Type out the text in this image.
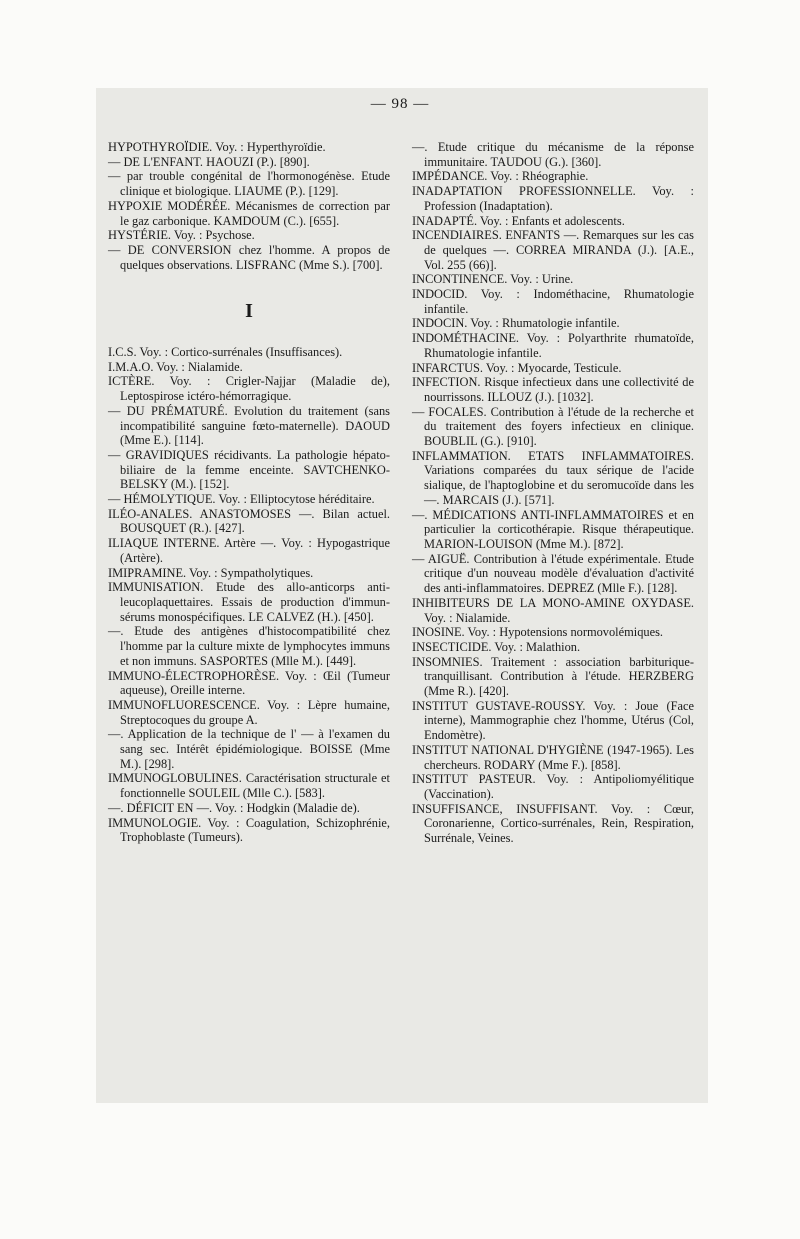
— 98 —

HYPOTHYROÏDIE. Voy. : Hyperthyroïdie.

— DE L'ENFANT. HAOUZI (P.). [890].

— par trouble congénital de l'hormonogénèse. Etude clinique et biologique. LIAUME (P.). [129].

HYPOXIE MODÉRÉE. Mécanismes de correction par le gaz carbonique. KAMDOUM (C.). [655].

HYSTÉRIE. Voy. : Psychose.

— DE CONVERSION chez l'homme. A propos de quelques observations. LISFRANC (Mme S.). [700].

I

I.C.S. Voy. : Cortico-surrénales (Insuffisances).

I.M.A.O. Voy. : Nialamide.

ICTÈRE. Voy. : Crigler-Najjar (Maladie de), Leptospirose ictéro-hémorragique.

— DU PRÉMATURÉ. Evolution du traitement (sans incompatibilité sanguine fœto-maternelle). DAOUD (Mme E.). [114].

— GRAVIDIQUES récidivants. La pathologie hépato-biliaire de la femme enceinte. SAVTCHENKO-BELSKY (M.). [152].

— HÉMOLYTIQUE. Voy. : Elliptocytose héréditaire.

ILÉO-ANALES. ANASTOMOSES —. Bilan actuel. BOUSQUET (R.). [427].

ILIAQUE INTERNE. Artère —. Voy. : Hypogastrique (Artère).

IMIPRAMINE. Voy. : Sympatholytiques.

IMMUNISATION. Etude des allo-anticorps anti-leucoplaquettaires. Essais de production d'immun-sérums monospécifiques. LE CALVEZ (H.). [450].

—. Etude des antigènes d'histocompatibilité chez l'homme par la culture mixte de lymphocytes immuns et non immuns. SASPORTES (Mlle M.). [449].

IMMUNO-ÉLECTROPHORÈSE. Voy. : Œil (Tumeur aqueuse), Oreille interne.

IMMUNOFLUORESCENCE. Voy. : Lèpre humaine, Streptocoques du groupe A.

—. Application de la technique de l' — à l'examen du sang sec. Intérêt épidémiologique. BOISSE (Mme M.). [298].

IMMUNOGLOBULINES. Caractérisation structurale et fonctionnelle SOULEIL (Mlle C.). [583].

—. DÉFICIT EN —. Voy. : Hodgkin (Maladie de).

IMMUNOLOGIE. Voy. : Coagulation, Schizophrénie, Trophoblaste (Tumeurs).

—. Etude critique du mécanisme de la réponse immunitaire. TAUDOU (G.). [360].

IMPÉDANCE. Voy. : Rhéographie.

INADAPTATION PROFESSIONNELLE. Voy. : Profession (Inadaptation).

INADAPTÉ. Voy. : Enfants et adolescents.

INCENDIAIRES. ENFANTS —. Remarques sur les cas de quelques —. CORREA MIRANDA (J.). [A.E., Vol. 255 (66)].

INCONTINENCE. Voy. : Urine.

INDOCID. Voy. : Indométhacine, Rhumatologie infantile.

INDOCIN. Voy. : Rhumatologie infantile.

INDOMÉTHACINE. Voy. : Polyarthrite rhumatoïde, Rhumatologie infantile.

INFARCTUS. Voy. : Myocarde, Testicule.

INFECTION. Risque infectieux dans une collectivité de nourrissons. ILLOUZ (J.). [1032].

— FOCALES. Contribution à l'étude de la recherche et du traitement des foyers infectieux en clinique. BOUBLIL (G.). [910].

INFLAMMATION. ETATS INFLAMMATOIRES. Variations comparées du taux sérique de l'acide sialique, de l'haptoglobine et du seromucoïde dans les —. MARCAIS (J.). [571].

—. MÉDICATIONS ANTI-INFLAMMATOIRES et en particulier la corticothérapie. Risque thérapeutique. MARION-LOUISON (Mme M.). [872].

— AIGUË. Contribution à l'étude expérimentale. Etude critique d'un nouveau modèle d'évaluation d'activité des anti-inflammatoires. DEPREZ (Mlle F.). [128].

INHIBITEURS DE LA MONO-AMINE OXYDASE. Voy. : Nialamide.

INOSINE. Voy. : Hypotensions normovolémiques.

INSECTICIDE. Voy. : Malathion.

INSOMNIES. Traitement : association barbiturique-tranquillisant. Contribution à l'étude. HERZBERG (Mme R.). [420].

INSTITUT GUSTAVE-ROUSSY. Voy. : Joue (Face interne), Mammographie chez l'homme, Utérus (Col, Endomètre).

INSTITUT NATIONAL D'HYGIÈNE (1947-1965). Les chercheurs. RODARY (Mme F.). [858].

INSTITUT PASTEUR. Voy. : Antipoliomyélitique (Vaccination).

INSUFFISANCE, INSUFFISANT. Voy. : Cœur, Coronarienne, Cortico-surrénales, Rein, Respiration, Surrénale, Veines.
